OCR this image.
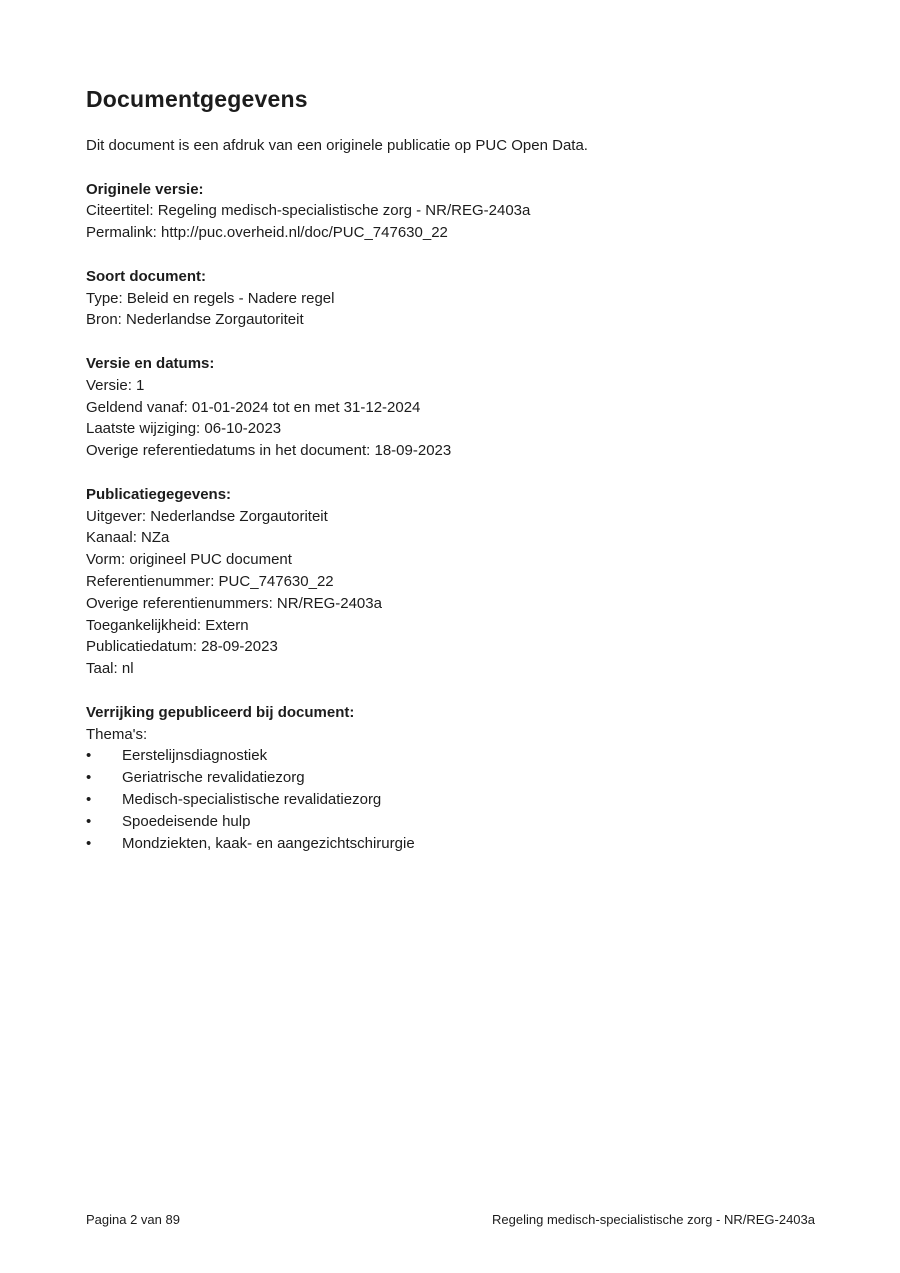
Documentgegevens

Dit document is een afdruk van een originele publicatie op PUC Open Data.

Originele versie:

Citeertitel: Regeling medisch-specialistische zorg - NR/REG-2403a

Permalink: http://puc.overheid.nl/doc/PUC_747630_22

Soort document:

Type: Beleid en regels - Nadere regel

Bron: Nederlandse Zorgautoriteit

Versie en datums:

Versie: 1

Geldend vanaf: 01-01-2024 tot en met 31-12-2024

Laatste wijziging: 06-10-2023

Overige referentiedatums in het document: 18-09-2023

Publicatiegegevens:

Uitgever: Nederlandse Zorgautoriteit

Kanaal: NZa

Vorm: origineel PUC document

Referentienummer: PUC_747630_22

Overige referentienummers: NR/REG-2403a

Toegankelijkheid: Extern

Publicatiedatum: 28-09-2023

Taal: nl

Verrijking gepubliceerd bij document:

Thema's:

•	Eerstelijnsdiagnostiek
•	Geriatrische revalidatiezorg
•	Medisch-specialistische revalidatiezorg
•	Spoedeisende hulp
•	Mondziekten, kaak- en aangezichtschirurgie
Pagina 2 van 89	Regeling medisch-specialistische zorg - NR/REG-2403a
